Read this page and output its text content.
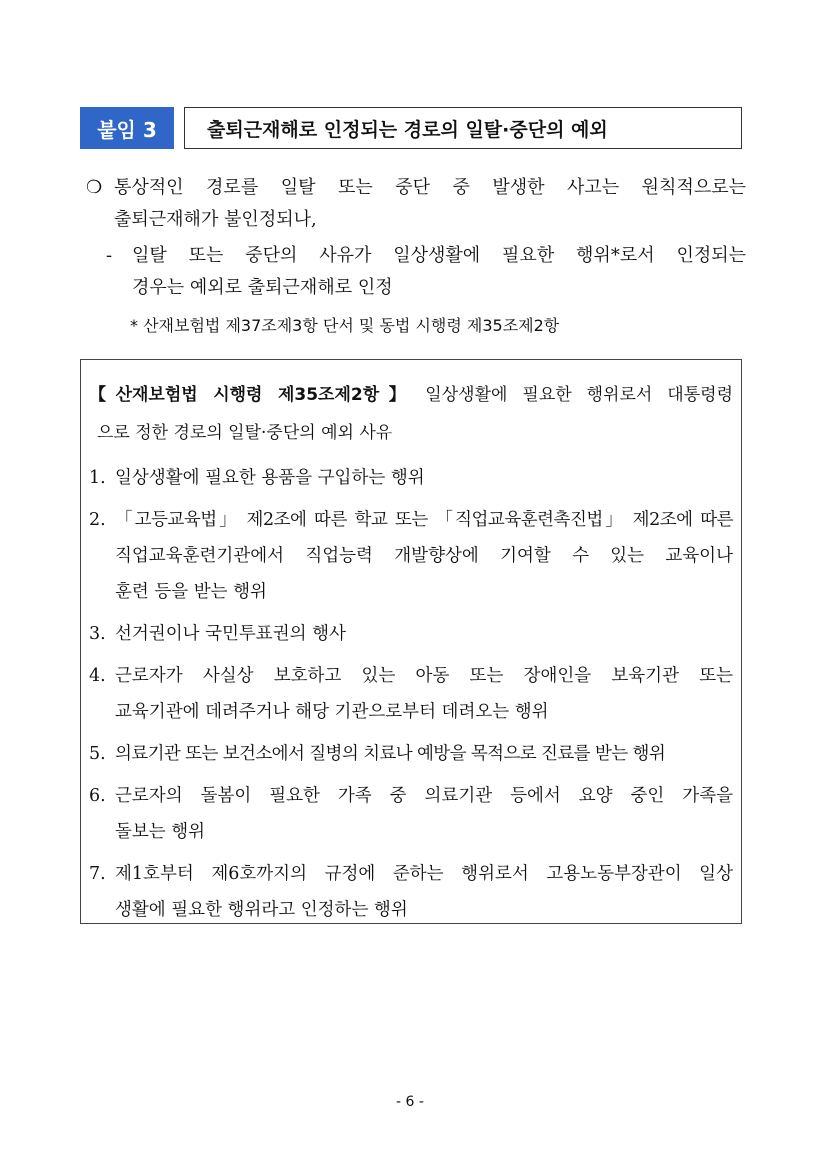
붙임 3	출퇴근재해로 인정되는 경로의 일탈·중단의 예외
❍ 통상적인 경로를 일탈 또는 중단 중 발생한 사고는 원칙적으로는
출퇴근재해가 불인정되나,
- 일탈 또는 중단의 사유가 일상생활에 필요한 행위*로서 인정되는
경우는 예외로 출퇴근재해로 인정
* 산재보험법 제37조제3항 단서 및 동법 시행령 제35조제2항
【산재보험법 시행령 제35조제2항】 일상생활에 필요한 행위로서 대통령령
으로 정한 경로의 일탈·중단의 예외 사유
1. 일상생활에 필요한 용품을 구입하는 행위
2. 「고등교육법」 제2조에 따른 학교 또는 「직업교육훈련촉진법」 제2조에 따른
직업교육훈련기관에서 직업능력 개발향상에 기여할 수 있는 교육이나
훈련 등을 받는 행위
3. 선거권이나 국민투표권의 행사
4. 근로자가 사실상 보호하고 있는 아동 또는 장애인을 보육기관 또는
교육기관에 데려주거나 해당 기관으로부터 데려오는 행위
5. 의료기관 또는 보건소에서 질병의 치료나 예방을 목적으로 진료를 받는 행위
6. 근로자의 돌봄이 필요한 가족 중 의료기관 등에서 요양 중인 가족을
돌보는 행위
7. 제1호부터 제6호까지의 규정에 준하는 행위로서 고용노동부장관이 일상
생활에 필요한 행위라고 인정하는 행위
- 6 -
